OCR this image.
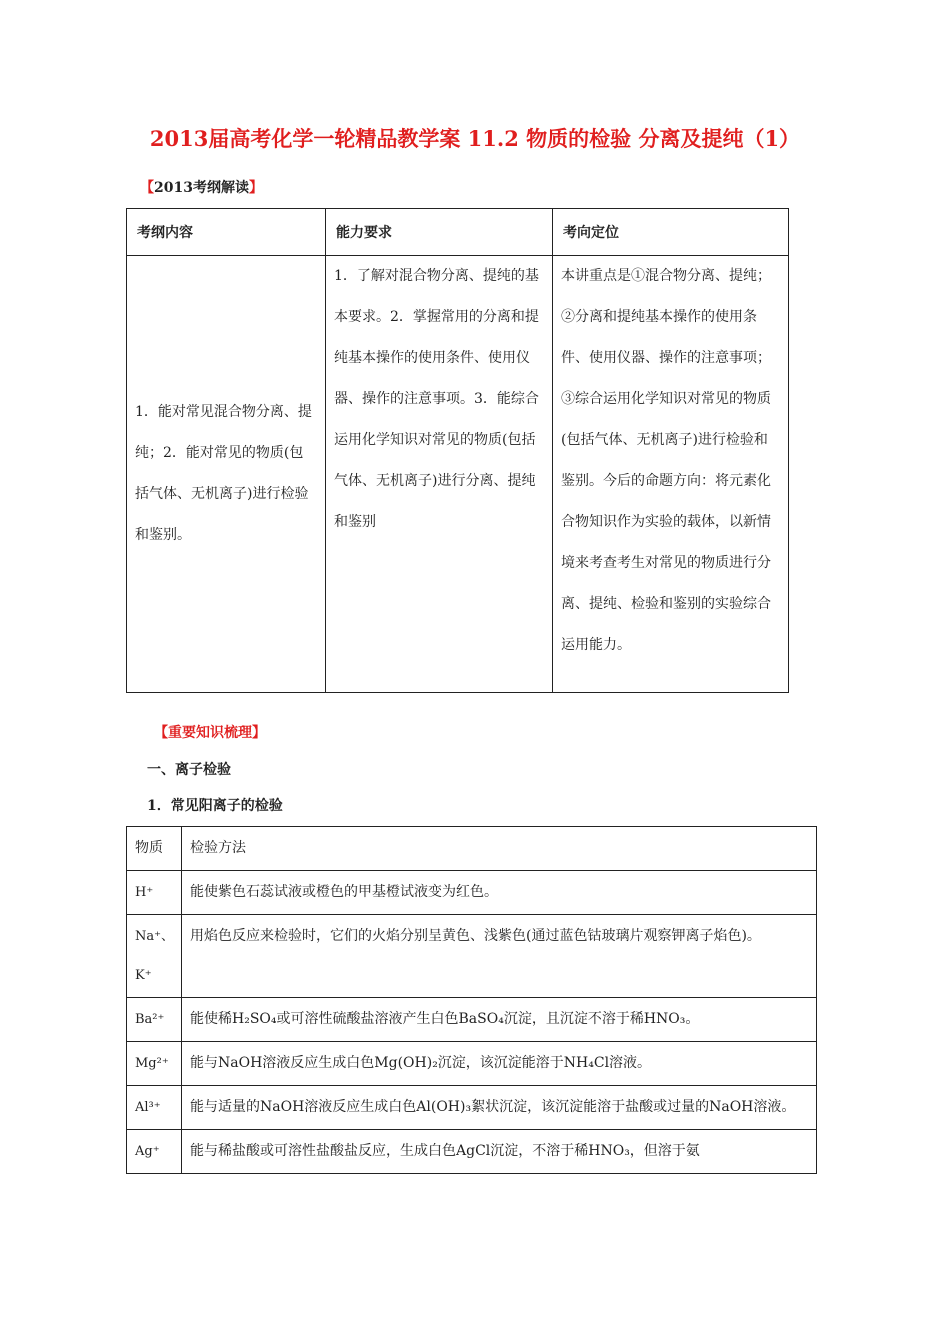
2013届高考化学一轮精品教学案 11.2 物质的检验 分离及提纯（1）
【2013考纲解读】
考纲内容	能力要求	考向定位
1．能对常见混合物分离、提纯；2．能对常见的物质(包括气体、无机离子)进行检验和鉴别。	1．了解对混合物分离、提纯的基本要求。2．掌握常用的分离和提纯基本操作的使用条件、使用仪器、操作的注意事项。3．能综合运用化学知识对常见的物质(包括气体、无机离子)进行分离、提纯和鉴别	本讲重点是①混合物分离、提纯；②分离和提纯基本操作的使用条件、使用仪器、操作的注意事项；③综合运用化学知识对常见的物质(包括气体、无机离子)进行检验和鉴别。今后的命题方向：将元素化合物知识作为实验的载体，以新情境来考查考生对常见的物质进行分离、提纯、检验和鉴别的实验综合运用能力。
【重要知识梳理】
一、离子检验
1．常见阳离子的检验
物质	检验方法
H⁺	能使紫色石蕊试液或橙色的甲基橙试液变为红色。
Na⁺、K⁺	用焰色反应来检验时，它们的火焰分别呈黄色、浅紫色(通过蓝色钴玻璃片观察钾离子焰色)。
Ba²⁺	能使稀H₂SO₄或可溶性硫酸盐溶液产生白色BaSO₄沉淀，且沉淀不溶于稀HNO₃。
Mg²⁺	能与NaOH溶液反应生成白色Mg(OH)₂沉淀，该沉淀能溶于NH₄Cl溶液。
Al³⁺	能与适量的NaOH溶液反应生成白色Al(OH)₃絮状沉淀，该沉淀能溶于盐酸或过量的NaOH溶液。
Ag⁺	能与稀盐酸或可溶性盐酸盐反应，生成白色AgCl沉淀，不溶于稀HNO₃，但溶于氨
